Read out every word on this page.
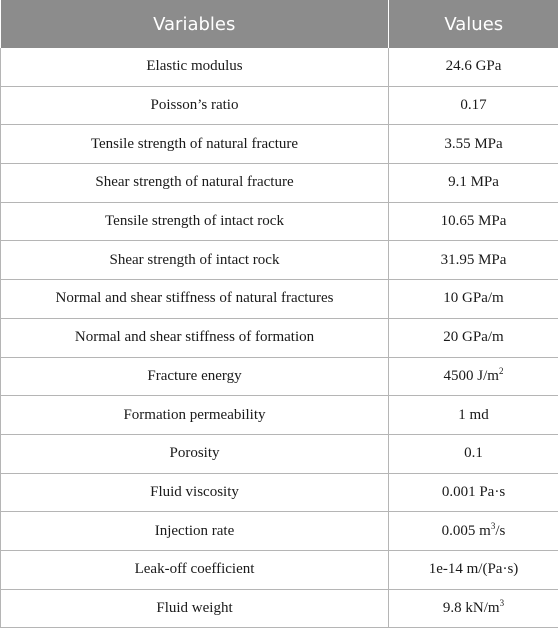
Variables	Values
Elastic modulus	24.6 GPa
Poisson’s ratio	0.17
Tensile strength of natural fracture	3.55 MPa
Shear strength of natural fracture	9.1 MPa
Tensile strength of intact rock	10.65 MPa
Shear strength of intact rock	31.95 MPa
Normal and shear stiffness of natural fractures	10 GPa/m
Normal and shear stiffness of formation	20 GPa/m
Fracture energy	4500 $J/m^2$
Formation permeability	1 md
Porosity	0.1
Fluid viscosity	0.001 Pa·s
Injection rate	0.005 $m^3/s$
Leak-off coefficient	1e-14 m/(Pa·s)
Fluid weight	9.8 $kN/m^3$
